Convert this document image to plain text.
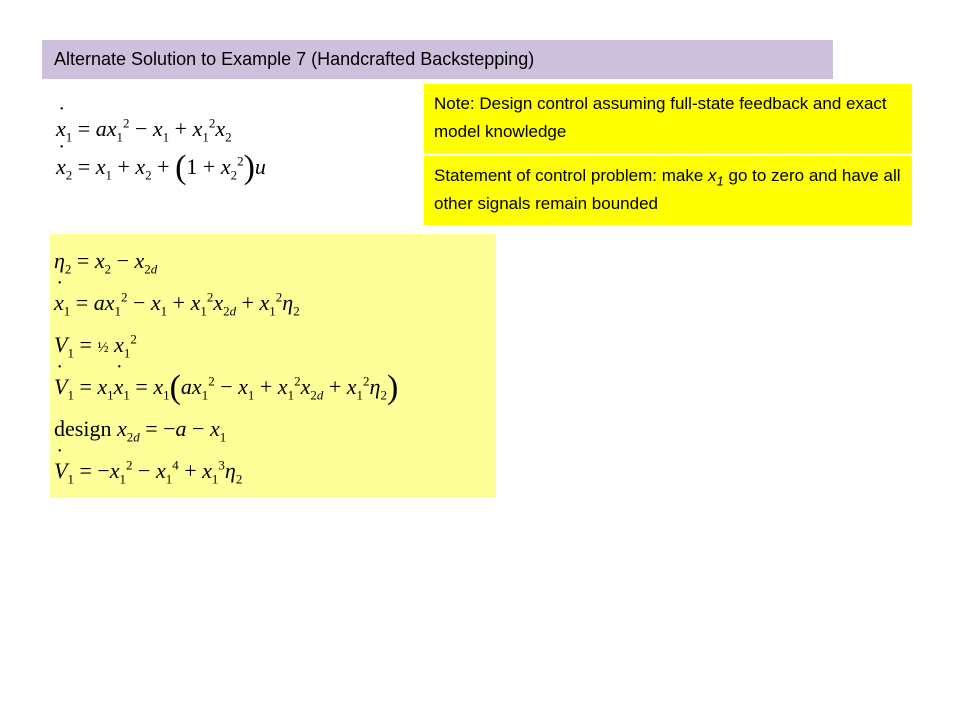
Alternate Solution to Example 7 (Handcrafted Backstepping)
Note: Design control assuming full-state feedback and exact model knowledge
Statement of control problem: make $x_1$ go to zero and have all other signals remain bounded
˙ $x_1 = ax_1^2 - x_1 + x_1^2x_2$
˙ $x_2 = x_1 + x_2 + (1 + x_2^2)u$
$\eta_2 = x_2 - x_{2d}$
˙ $x_1 = ax_1^2 - x_1 + x_1^2x_{2d} + x_1^2\eta_2$
$V_1$ = ½ $x_1^2$
˙ $V_1$ = $x_1˙$ $x_1 = x_1(ax_1^2 - x_1 + x_1^2x_{2d} + x_1^2\eta_2)$
design $x_{2d} = -a - x_1$
˙ $V_1 = -x_1^2 - x_1^4 + x_1^3\eta_2$
